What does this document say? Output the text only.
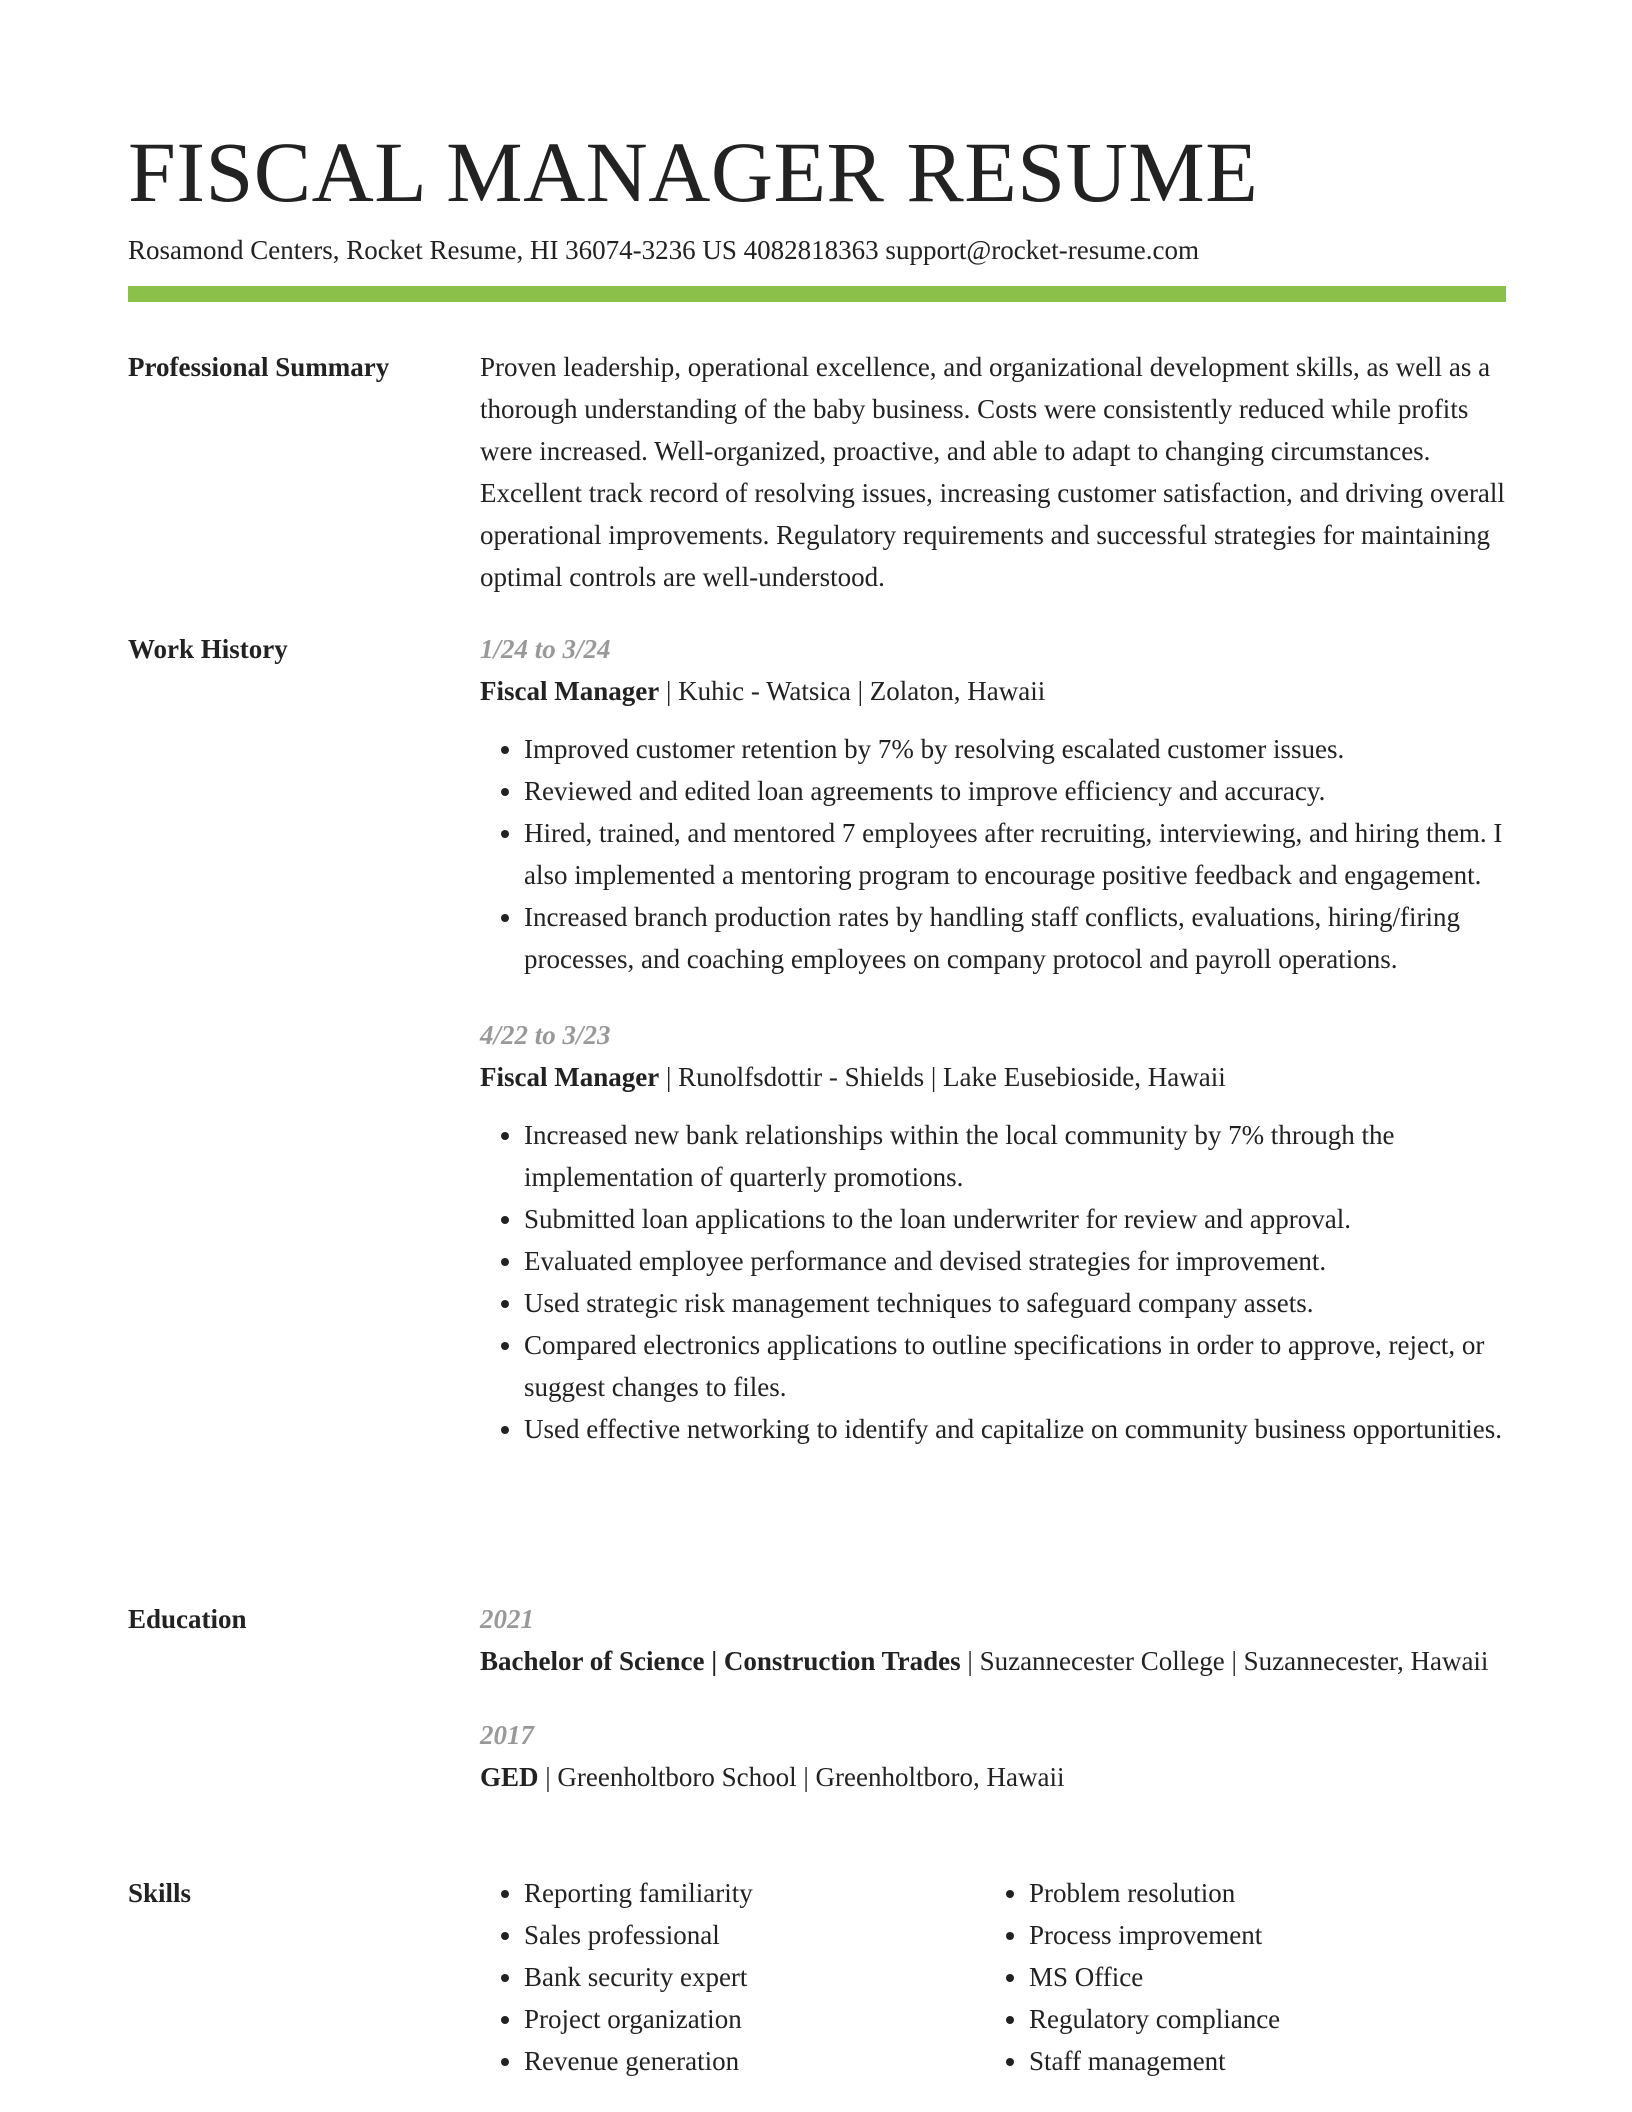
FISCAL MANAGER RESUME
Rosamond Centers, Rocket Resume, HI 36074-3236 US 4082818363 support@rocket-resume.com
Professional Summary	Proven leadership, operational excellence, and organizational development skills, as well as a thorough understanding of the baby business. Costs were consistently reduced while profits were increased. Well-organized, proactive, and able to adapt to changing circumstances. Excellent track record of resolving issues, increasing customer satisfaction, and driving overall operational improvements. Regulatory requirements and successful strategies for maintaining optimal controls are well-understood.

Work History	1/24 to 3/24

Fiscal Manager | Kuhic - Watsica | Zolaton, Hawaii

• Improved customer retention by 7% by resolving escalated customer issues.
• Reviewed and edited loan agreements to improve efficiency and accuracy.
• Hired, trained, and mentored 7 employees after recruiting, interviewing, and hiring them. I also implemented a mentoring program to encourage positive feedback and engagement.
• Increased branch production rates by handling staff conflicts, evaluations, hiring/firing processes, and coaching employees on company protocol and payroll operations.

4/22 to 3/23

Fiscal Manager | Runolfsdottir - Shields | Lake Eusebioside, Hawaii

• Increased new bank relationships within the local community by 7% through the implementation of quarterly promotions.
• Submitted loan applications to the loan underwriter for review and approval.
• Evaluated employee performance and devised strategies for improvement.
• Used strategic risk management techniques to safeguard company assets.
• Compared electronics applications to outline specifications in order to approve, reject, or suggest changes to files.
• Used effective networking to identify and capitalize on community business opportunities.
Education	2021

Bachelor of Science | Construction Trades | Suzannecester College | Suzannecester, Hawaii

2017

GED | Greenholtboro School | Greenholtboro, Hawaii

Skills
•	Reporting familiarity
• Sales professional
• Bank security expert
• Project organization
• Revenue generation
• Problem resolution
• Process improvement
• MS Office
• Regulatory compliance
• Staff management
